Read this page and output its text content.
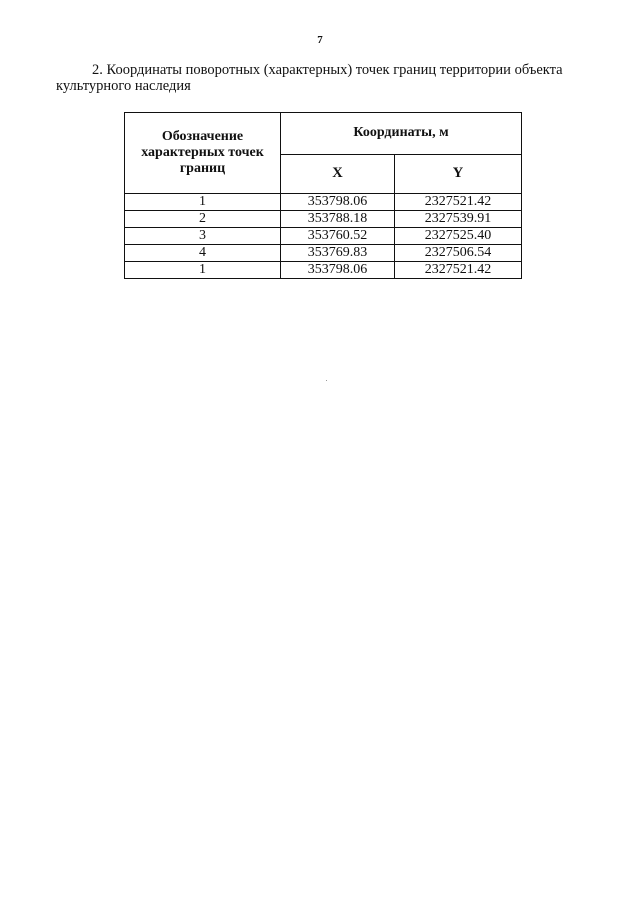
7
2. Координаты поворотных (характерных) точек границ территории объекта культурного наследия
Обозначение характерных точек границ	Координаты, м	
	X	Y
1	353798.06	2327521.42
2	353788.18	2327539.91
3	353760.52	2327525.40
4	353769.83	2327506.54
1	353798.06	2327521.42
